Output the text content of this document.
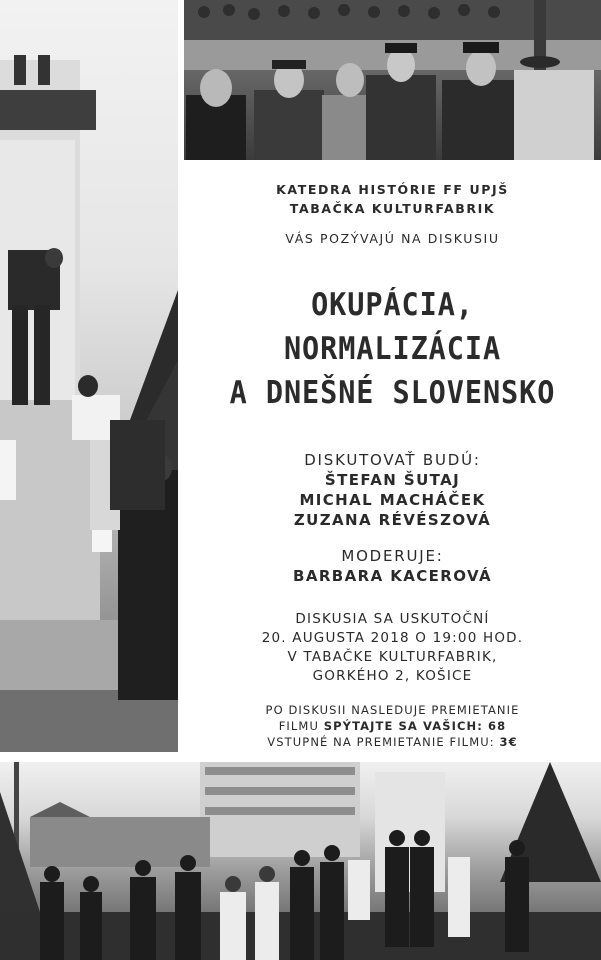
KATEDRA HISTÓRIE FF UPJŠ
TABAČKA KULTURFABRIK
VÁS POZÝVAJÚ NA DISKUSIU
OKUPÁCIA,
NORMALIZÁCIA
A DNEŠNÉ SLOVENSKO
DISKUTOVAŤ BUDÚ:
ŠTEFAN ŠUTAJ
MICHAL MACHÁČEK
ZUZANA RÉVÉSZOVÁ
MODERUJE:
BARBARA KACEROVÁ
DISKUSIA SA USKUTOČNÍ
20. AUGUSTA 2018 O 19:00 HOD.
V TABAČKE KULTURFABRIK,
GORKÉHO 2, KOŠICE
PO DISKUSII NASLEDUJE PREMIETANIE
FILMU SPÝTAJTE SA VAŠICH: 68
VSTUPNÉ NA PREMIETANIE FILMU: 3€
